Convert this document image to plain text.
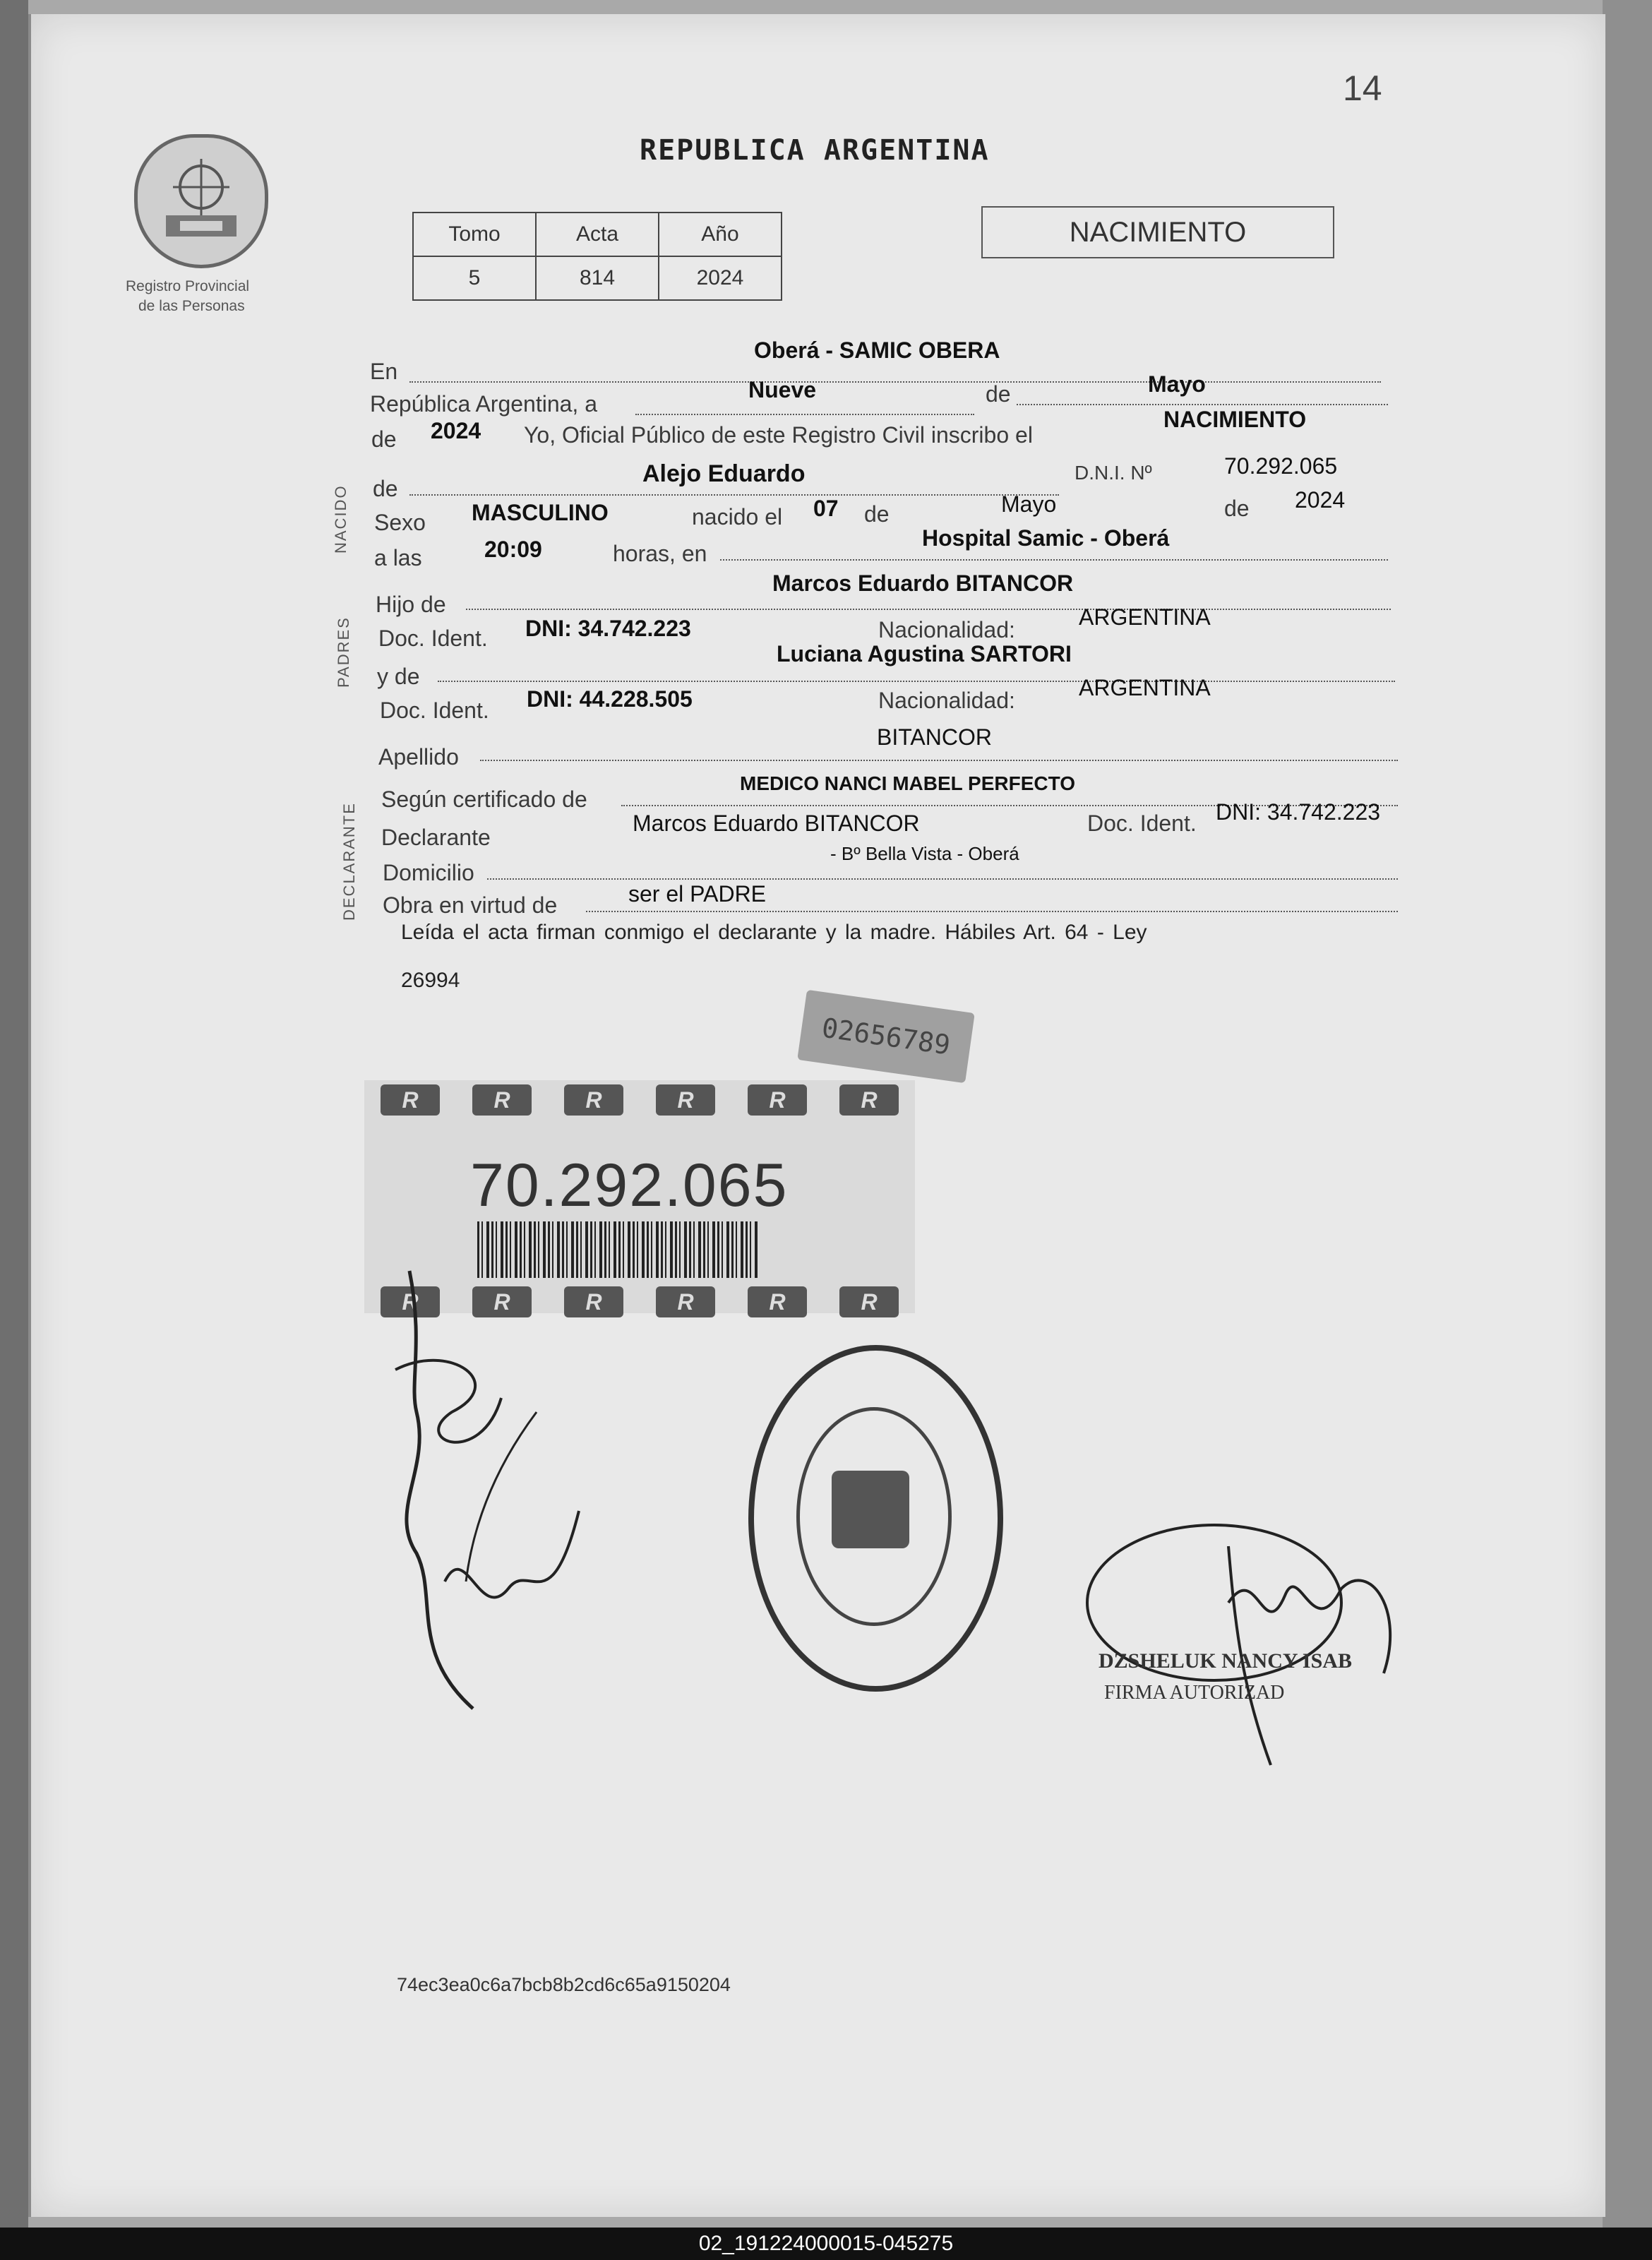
14
Registro Provincial
de las Personas
REPUBLICA ARGENTINA
Tomo	Acta	Año
5	814	2024
NACIMIENTO
NACIDO
PADRES
DECLARANTE
En
Oberá - SAMIC OBERA
República Argentina, a
Nueve	de	Mayo
de 2024 Yo, Oficial Público de este Registro Civil inscribo el
NACIMIENTO
de
Alejo Eduardo	D.N.I. Nº	70.292.065
Sexo MASCULINO	nacido el 07 de	Mayo	de 2024
a las	20:09	horas, en
Hospital Samic - Oberá
Hijo de
Marcos Eduardo BITANCOR
Doc. Ident. DNI: 34.742.223	Nacionalidad:	ARGENTINA
y de
Luciana Agustina SARTORI
Doc. Ident. DNI: 44.228.505	Nacionalidad:	ARGENTINA
Apellido
BITANCOR
Según certificado de
MEDICO NANCI MABEL PERFECTO
Declarante
Marcos Eduardo BITANCOR	Doc. Ident. DNI: 34.742.223
Domicilio
- Bº Bella Vista - Oberá
Obra en virtud de	ser el PADRE
Leída el acta firman conmigo el declarante y la madre. Hábiles Art. 64 - Ley
26994
02656789
R	R	R	R	R	R
70.292.065
R	R	R	R	R	R
DZSHELUK NANCY ISAB
FIRMA AUTORIZAD
74ec3ea0c6a7bcb8b2cd6c65a9150204
02_191224000015-045275
